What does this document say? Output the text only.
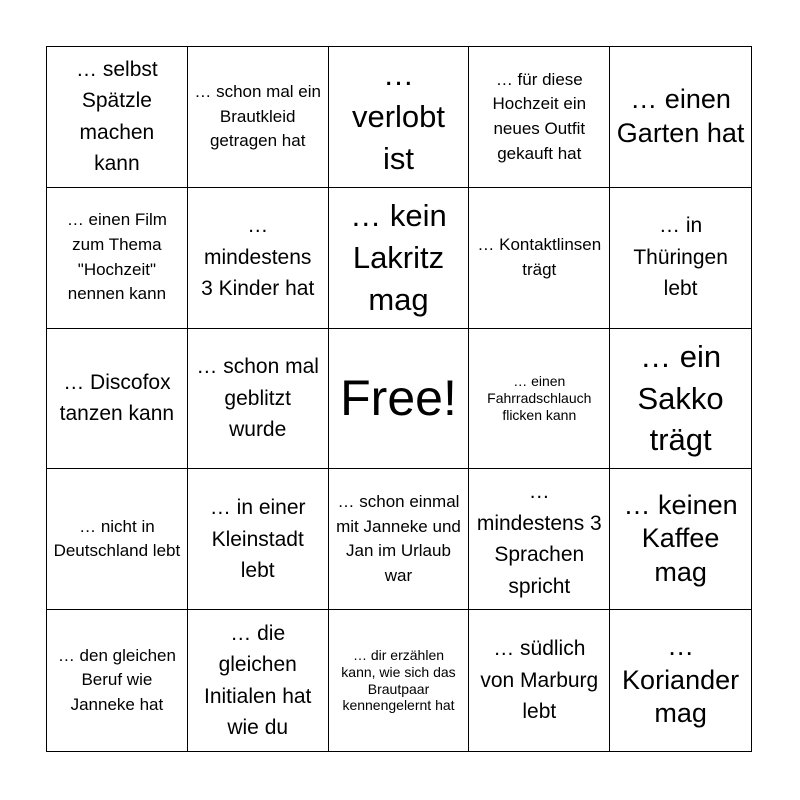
… selbst Spätzle machen kann
… schon mal ein Brautkleid getragen hat
… verlobt ist
… für diese Hochzeit ein neues Outfit gekauft hat
… einen Garten hat
… einen Film zum Thema "Hochzeit" nennen kann
… mindestens 3 Kinder hat
… kein Lakritz mag
… Kontaktlinsen trägt
… in Thüringen lebt
… Discofox tanzen kann
… schon mal geblitzt wurde
Free!	… einen Fahrradschlauch flicken kann
… ein Sakko trägt
… nicht in Deutschland lebt
… in einer Kleinstadt lebt
… schon einmal mit Janneke und Jan im Urlaub war
… mindestens 3 Sprachen spricht
… keinen Kaffee mag
… den gleichen Beruf wie Janneke hat
… die gleichen Initialen hat wie du
… dir erzählen kann, wie sich das Brautpaar kennengelernt hat
… südlich von Marburg lebt
… Koriander mag
